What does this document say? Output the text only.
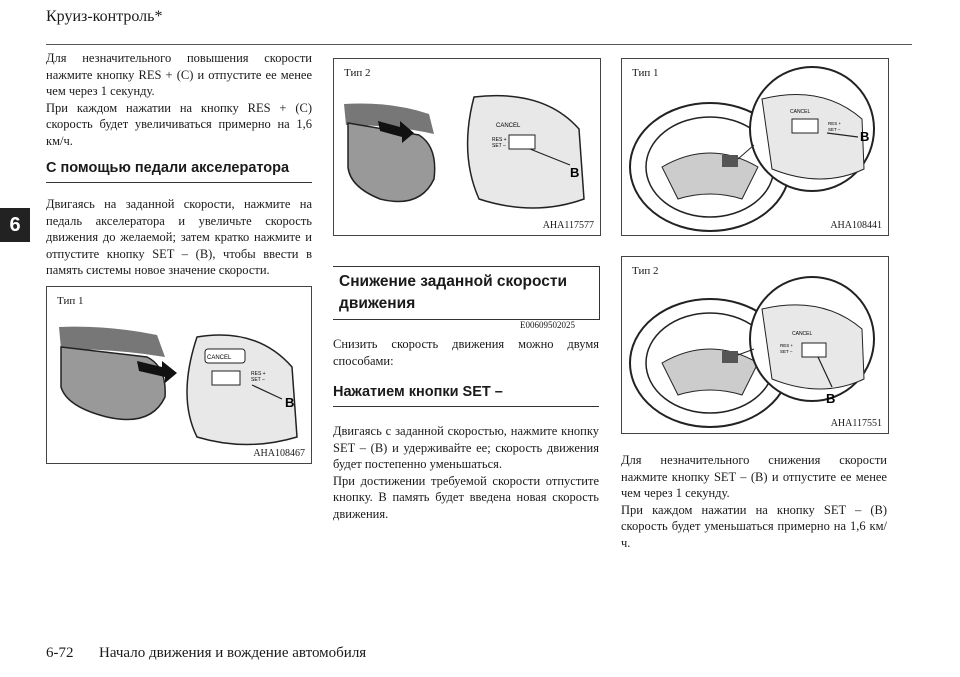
Круиз-контроль*
6

Для незначительного повышения скорости нажмите кнопку RES + (C) и отпустите ее менее чем через 1 секунду.

При каждом нажатии на кнопку RES + (C) скорость будет увеличиваться примерно на 1,6 км/ч.

С помощью педали акселератора
Двигаясь на заданной скорости, нажмите на педаль акселератора и увеличьте скорость движения до желаемой; затем кратко нажмите и отпустите кнопку SET – (B), чтобы ввести в память системы новое значение скорости.
Тип 1
CANCEL
RES +
SET –
B
AHA108467
Тип 2
CANCEL
RES +
SET –
B
AHA117577
Снижение заданной скорости движения
E00609502025
Снизить скорость движения можно двумя способами:
Нажатием кнопки SET –

Двигаясь с заданной скоростью, нажмите кнопку SET – (B) и удерживайте ее; скорость движения будет постепенно уменьшаться.

При достижении требуемой скорости отпустите кнопку. В память будет введена новая скорость движения.

Тип 1
CANCEL
RES +
SET – B
AHA108441
Тип 2
CANCEL
RES +
SET –
B
AHA117551

Для незначительного снижения скорости нажмите кнопку SET – (B) и отпустите ее менее чем через 1 секунду.

При каждом нажатии на кнопку SET – (B) скорость будет уменьшаться примерно на 1,6 км/ч.

6-72 Начало движения и вождение автомобиля
